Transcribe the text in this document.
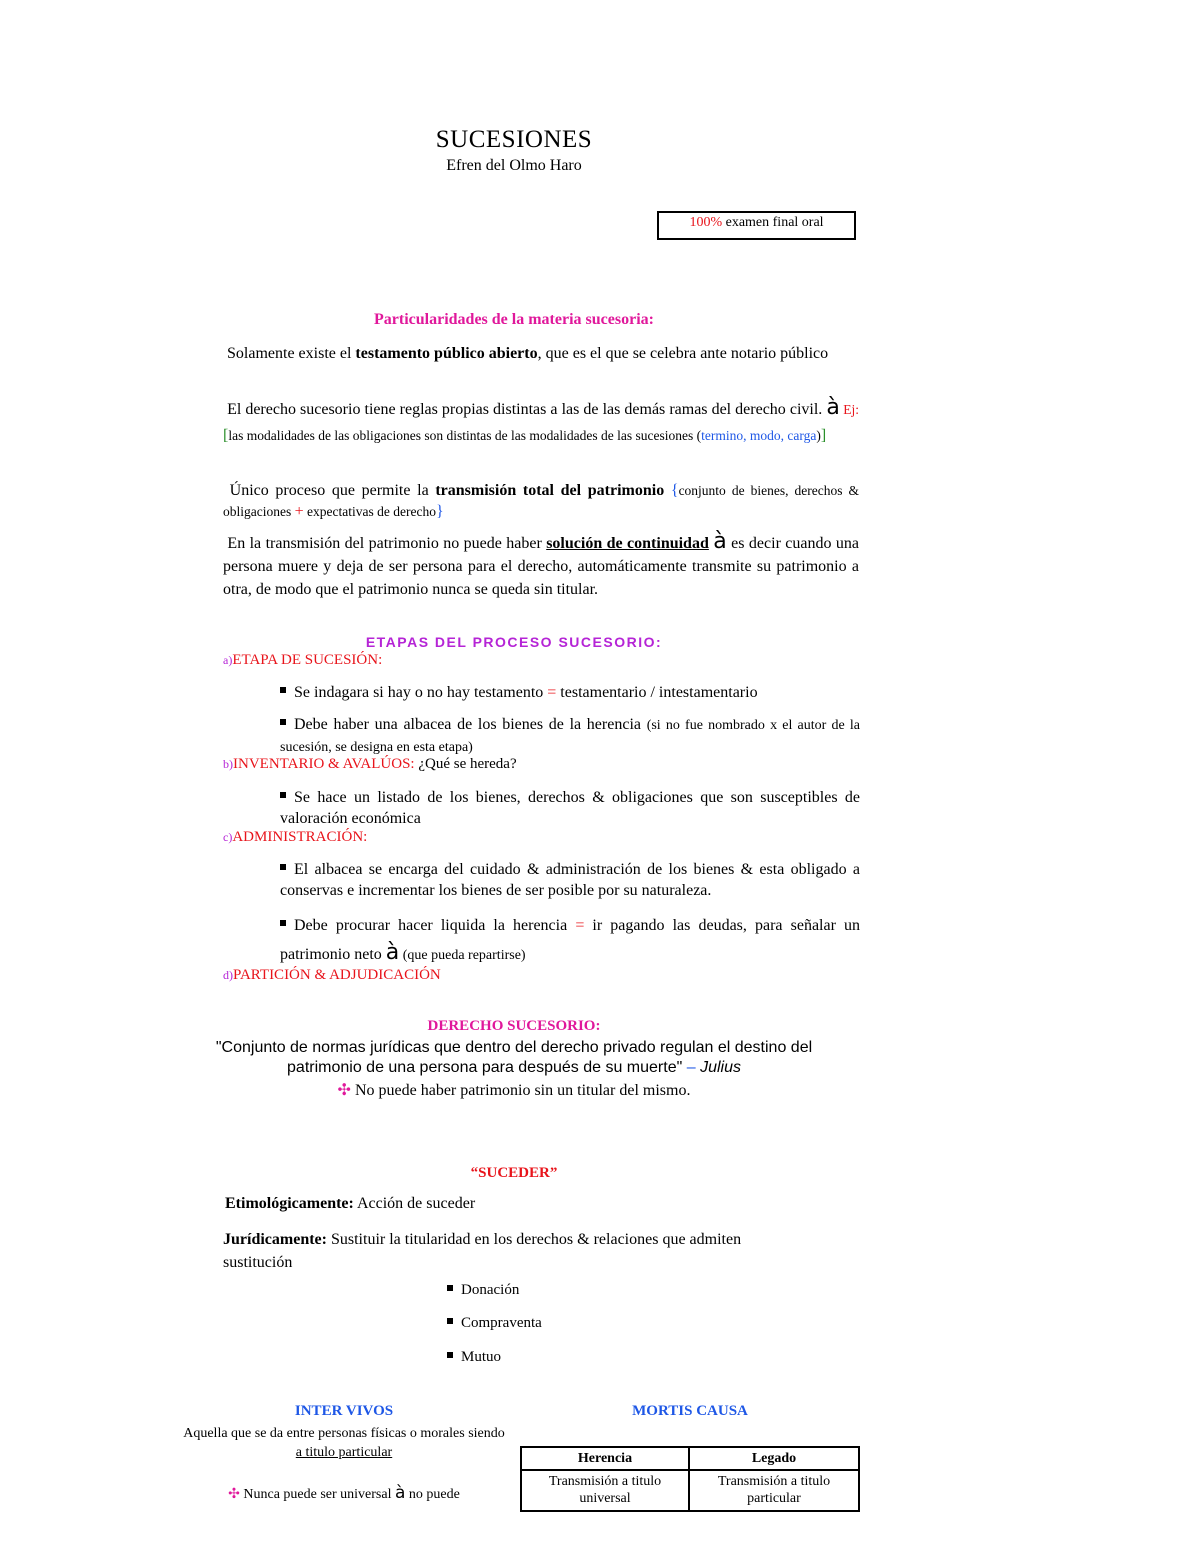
SUCESIONES
Efren del Olmo Haro
100% examen final oral
Particularidades de la materia sucesoria:
Solamente existe el testamento público abierto, que es el que se celebra ante notario público
El derecho sucesorio tiene reglas propias distintas a las de las demás ramas del derecho civil. à Ej: [las modalidades de las obligaciones son distintas de las modalidades de las sucesiones (termino, modo, carga)]
Único proceso que permite la transmisión total del patrimonio {conjunto de bienes, derechos & obligaciones + expectativas de derecho}
En la transmisión del patrimonio no puede haber solución de continuidad à es decir cuando una persona muere y deja de ser persona para el derecho, automáticamente transmite su patrimonio a otra, de modo que el patrimonio nunca se queda sin titular.
ETAPAS DEL PROCESO SUCESORIO:
a)ETAPA DE SUCESIÓN:
Se indagara si hay o no hay testamento = testamentario / intestamentario
Debe haber una albacea de los bienes de la herencia (si no fue nombrado x el autor de la sucesión, se designa en esta etapa)
b)INVENTARIO & AVALÚOS: ¿Qué se hereda?
Se hace un listado de los bienes, derechos & obligaciones que son susceptibles de valoración económica
c)ADMINISTRACIÓN:
El albacea se encarga del cuidado & administración de los bienes & esta obligado a conservas e incrementar los bienes de ser posible por su naturaleza.
Debe procurar hacer liquida la herencia = ir pagando las deudas, para señalar un patrimonio neto à (que pueda repartirse)
d)PARTICIÓN & ADJUDICACIÓN
DERECHO SUCESORIO:
"Conjunto de normas jurídicas que dentro del derecho privado regulan el destino del
patrimonio de una persona para después de su muerte" – Julius
✣ No puede haber patrimonio sin un titular del mismo.
“SUCEDER”
Etimológicamente: Acción de suceder
Jurídicamente: Sustituir la titularidad en los derechos & relaciones que admiten sustitución
Donación
Compraventa
Mutuo
INTER VIVOS
Aquella que se da entre personas físicas o morales siendo a titulo particular
✣ Nunca puede ser universal à no puede
MORTIS CAUSA
Herencia	Legado
Transmisión a titulo universal
Transmisión a titulo particular
